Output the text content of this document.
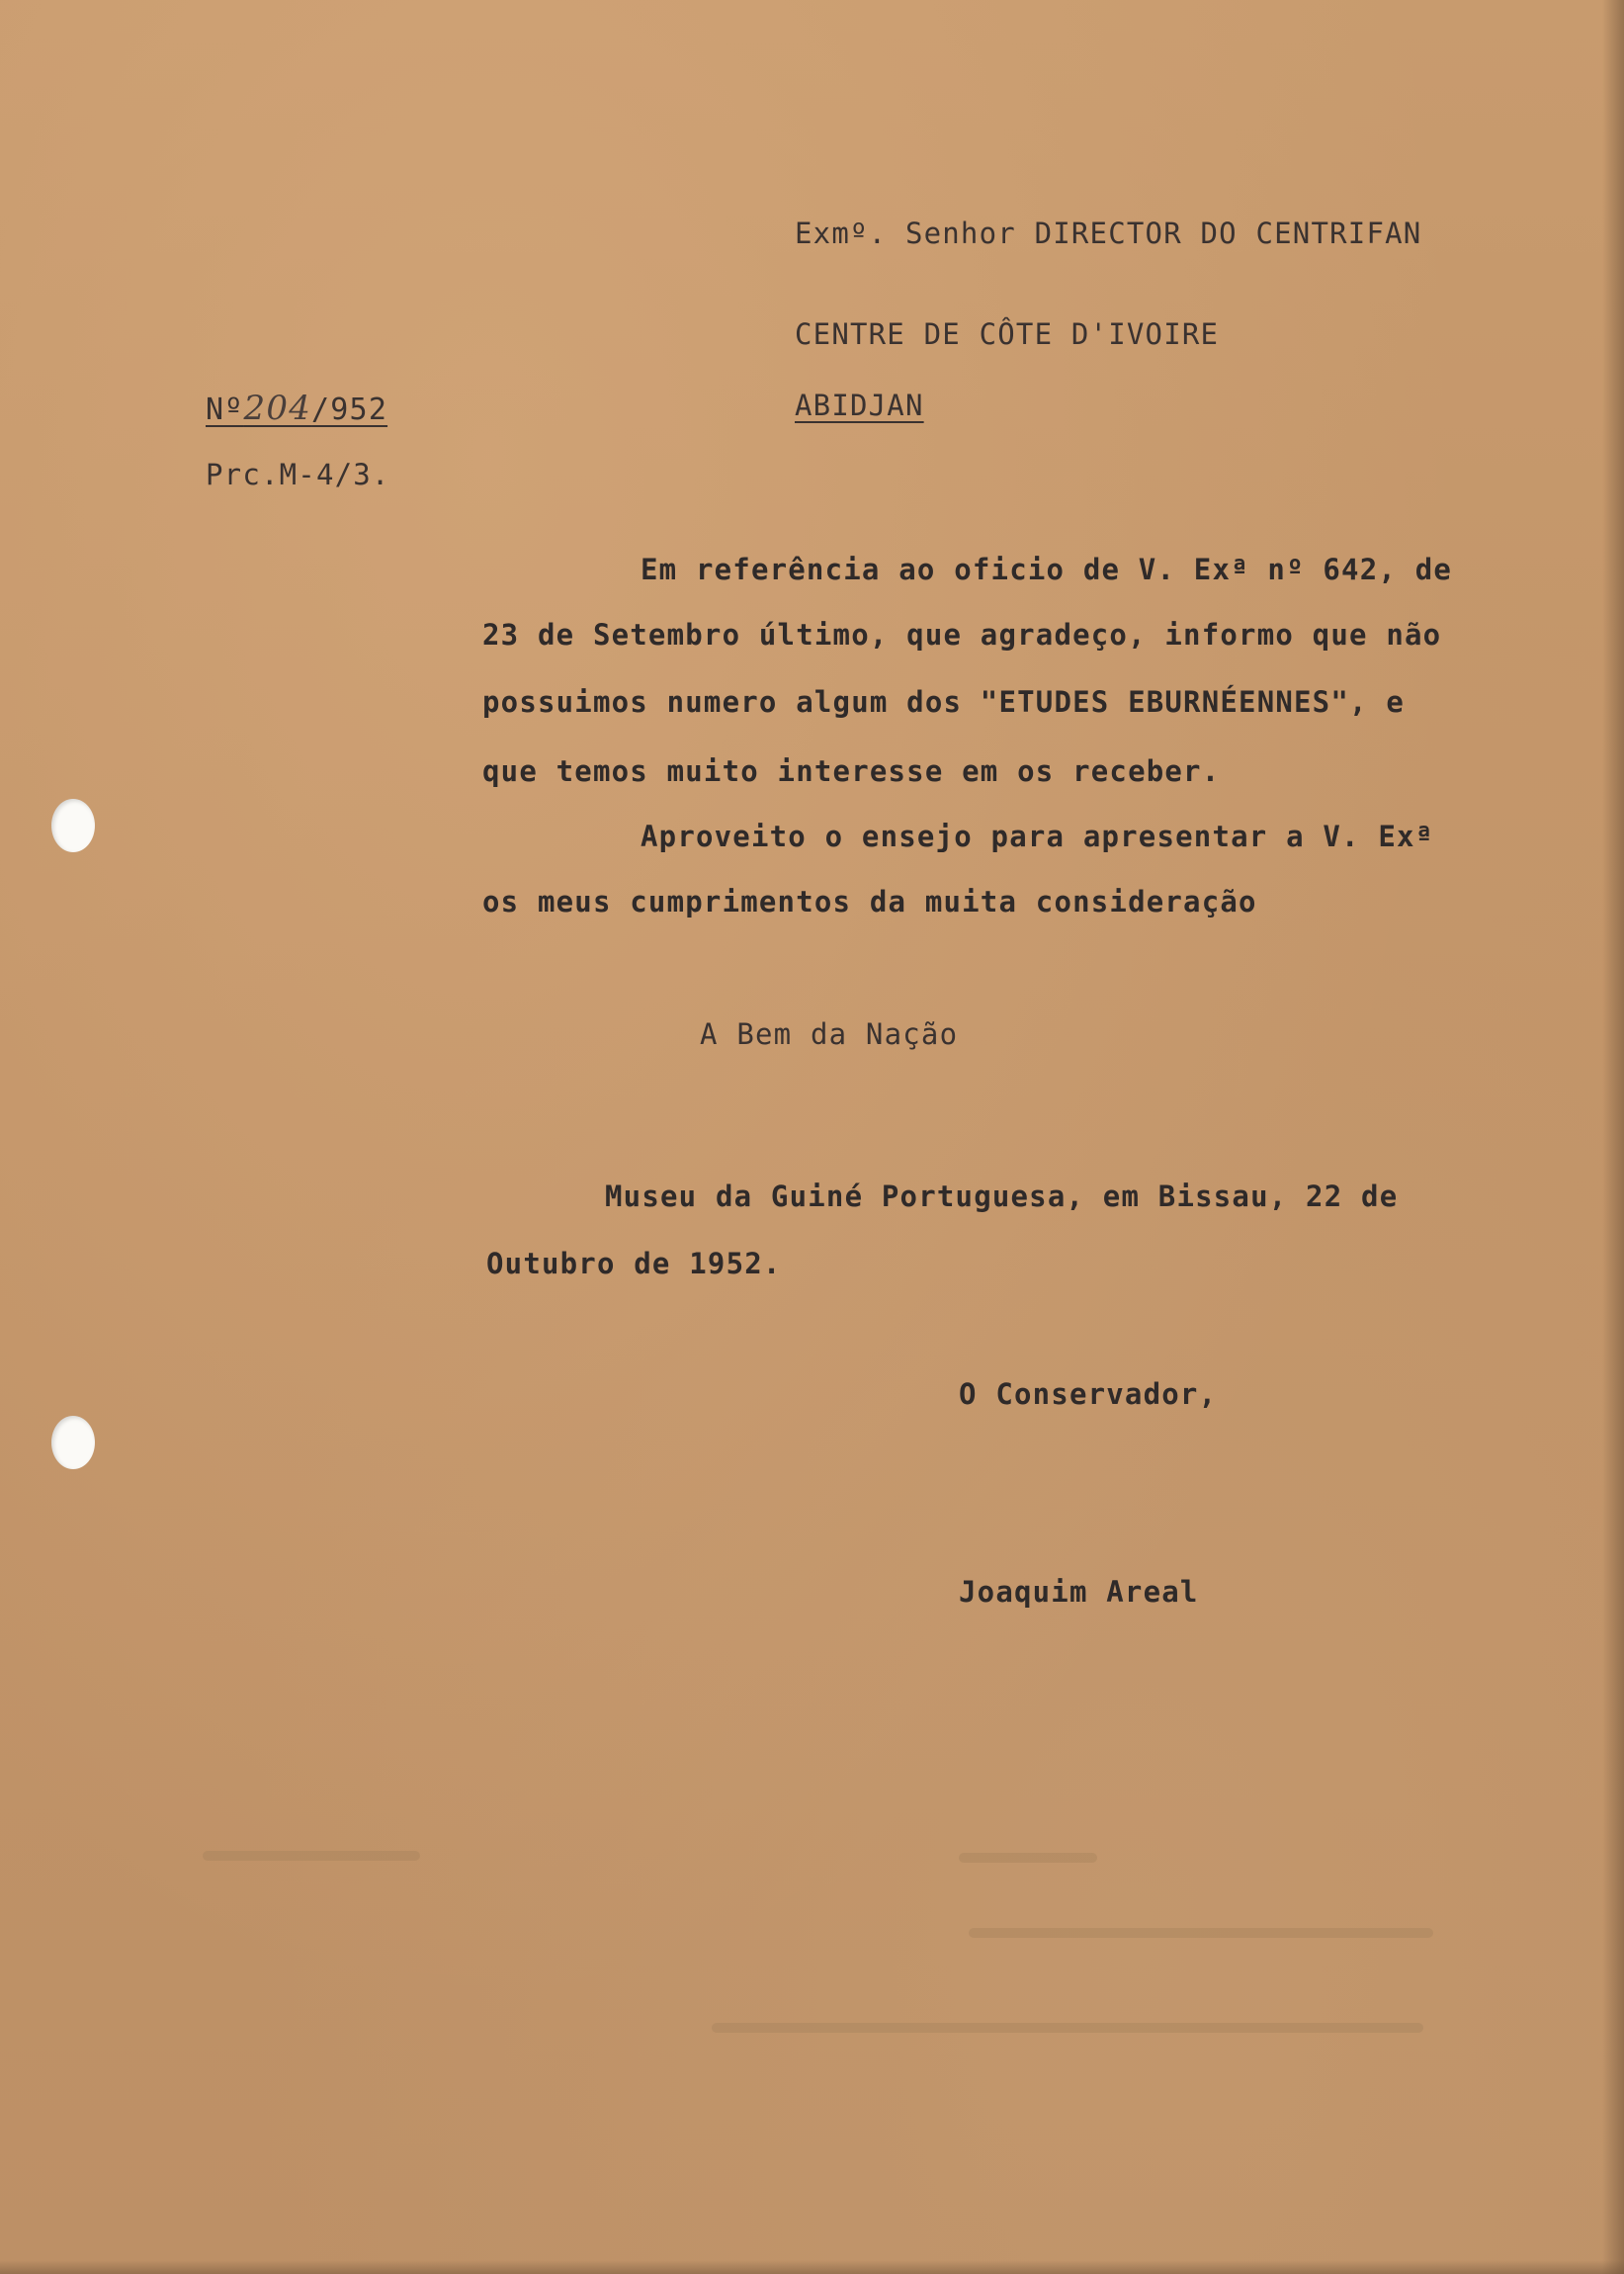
Exmº. Senhor DIRECTOR DO CENTRIFAN
CENTRE DE CÔTE D'IVOIRE
ABIDJAN
Nº204/952
Prc.M-4/3.
Em referência ao oficio de V. Exª nº 642, de
23 de Setembro último, que agradeço, informo que não
possuimos numero algum dos "ETUDES EBURNÉENNES", e
que temos muito interesse em os receber.
Aproveito o ensejo para apresentar a V. Exª
os meus cumprimentos da muita consideração
A Bem da Nação
Museu da Guiné Portuguesa, em Bissau, 22 de
Outubro de 1952.
O Conservador,
Joaquim Areal
